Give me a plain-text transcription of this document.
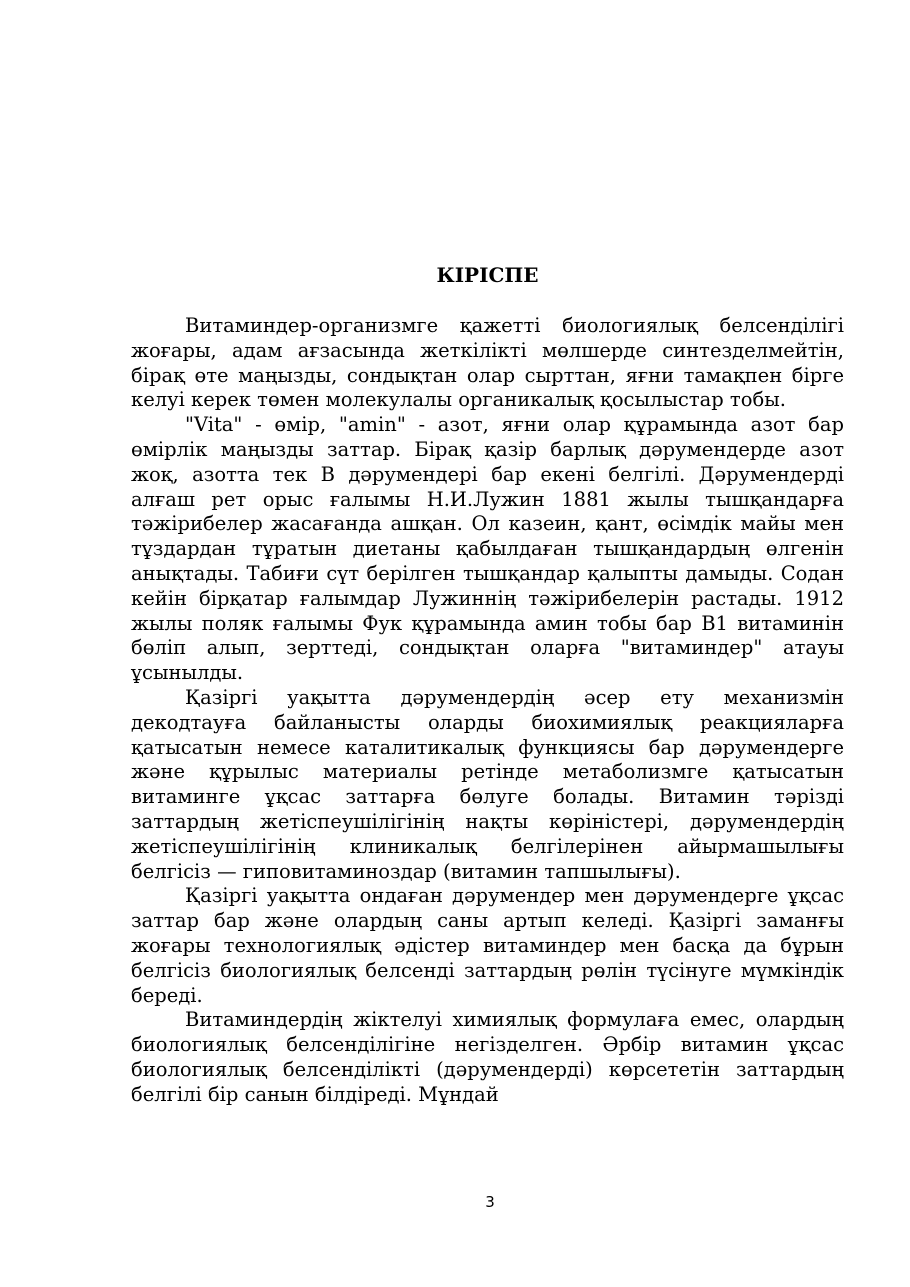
КІРІСПЕ

Витаминдер-организмге қажетті биологиялық белсенділігі жоғары, адам ағзасында жеткілікті мөлшерде синтезделмейтін, бірақ өте маңызды, сондықтан олар сырттан, яғни тамақпен бірге келуі керек төмен молекулалы органикалық қосылыстар тобы.

"Vita" - өмір, "amin" - азот, яғни олар құрамында азот бар өмірлік маңызды заттар. Бірақ қазір барлық дәрумендерде азот жоқ, азотта тек В дәрумендері бар екені белгілі. Дәрумендерді алғаш рет орыс ғалымы Н.И.Лужин 1881 жылы тышқандарға тәжірибелер жасағанда ашқан. Ол казеин, қант, өсімдік майы мен тұздардан тұратын диетаны қабылдаған тышқандардың өлгенін анықтады. Табиғи сүт берілген тышқандар қалыпты дамыды. Содан кейін бірқатар ғалымдар Лужиннің тәжірибелерін растады. 1912 жылы поляк ғалымы Фук құрамында амин тобы бар В1 витаминін бөліп алып, зерттеді, сондықтан оларға "витаминдер" атауы ұсынылды.

Қазіргі уақытта дәрумендердің әсер ету механизмін декодтауға байланысты оларды биохимиялық реакцияларға қатысатын немесе каталитикалық функциясы бар дәрумендерге және құрылыс материалы ретінде метаболизмге қатысатын витаминге ұқсас заттарға бөлуге болады. Витамин тәрізді заттардың жетіспеушілігінің нақты көріністері, дәрумендердің жетіспеушілігінің клиникалық белгілерінен айырмашылығы белгісіз — гиповитаминоздар (витамин тапшылығы).

Қазіргі уақытта ондаған дәрумендер мен дәрумендерге ұқсас заттар бар және олардың саны артып келеді. Қазіргі заманғы жоғары технологиялық әдістер витаминдер мен басқа да бұрын белгісіз биологиялық белсенді заттардың рөлін түсінуге мүмкіндік береді.

Витаминдердің жіктелуі химиялық формулаға емес, олардың биологиялық белсенділігіне негізделген. Әрбір витамин ұқсас биологиялық белсенділікті (дәрумендерді) көрсететін заттардың белгілі бір санын білдіреді. Мұндай

3
